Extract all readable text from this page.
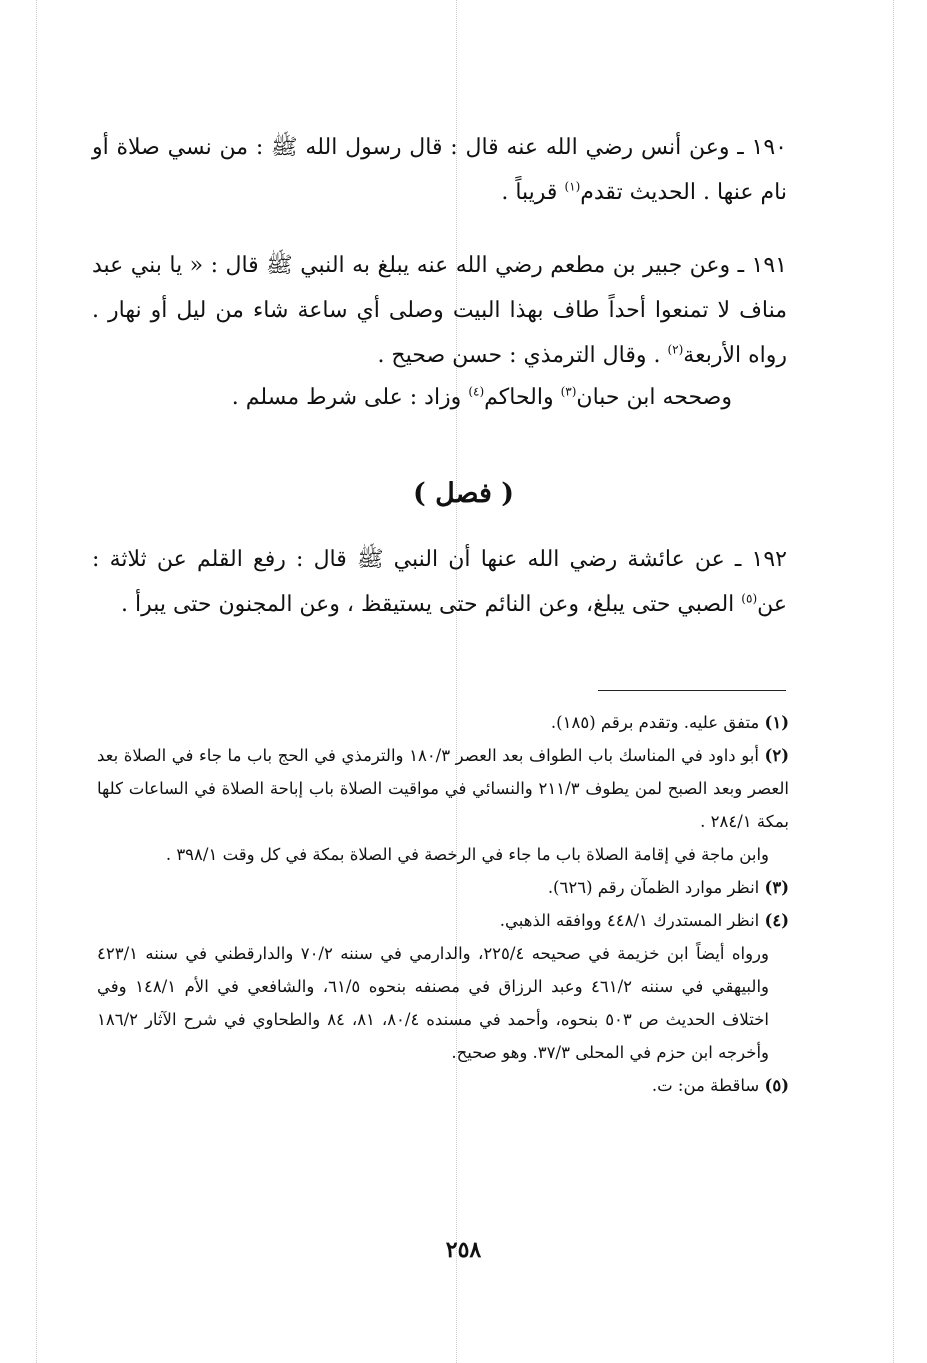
١٩٠ ـ وعن أنس رضي الله عنه قال : قال رسول الله ﷺ : من نسي صلاة أو نام عنها . الحديث تقدم$^{(١)}$ قريباً .

١٩١ ـ وعن جبير بن مطعم رضي الله عنه يبلغ به النبي ﷺ قال : « يا بني عبد مناف لا تمنعوا أحداً طاف بهذا البيت وصلى أي ساعة شاء من ليل أو نهار . رواه الأربعة$^{(٢)}$ . وقال الترمذي : حسن صحيح .

وصححه ابن حبان$^{(٣)}$ والحاكم$^{(٤)}$ وزاد : على شرط مسلم .

( فصل )

١٩٢ ـ عن عائشة رضي الله عنها أن النبي ﷺ قال : رفع القلم عن ثلاثة : عن$^{(٥)}$ الصبي حتى يبلغ، وعن النائم حتى يستيقظ ، وعن المجنون حتى يبرأ .

(١) متفق عليه. وتقدم برقم (١٨٥).

(٢) أبو داود في المناسك باب الطواف بعد العصر ١٨٠/٣ والترمذي في الحج باب ما جاء في الصلاة بعد العصر وبعد الصبح لمن يطوف ٢١١/٣ والنسائي في مواقيت الصلاة باب إباحة الصلاة في الساعات كلها بمكة ٢٨٤/١ .

وابن ماجة في إقامة الصلاة باب ما جاء في الرخصة في الصلاة بمكة في كل وقت ٣٩٨/١ .

(٣) انظر موارد الظمآن رقم (٦٢٦).

(٤) انظر المستدرك ٤٤٨/١ ووافقه الذهبي.

ورواه أيضاً ابن خزيمة في صحيحه ٢٢٥/٤، والدارمي في سننه ٧٠/٢ والدارقطني في سننه ٤٢٣/١ والبيهقي في سننه ٤٦١/٢ وعبد الرزاق في مصنفه بنحوه ٦١/٥، والشافعي في الأم ١٤٨/١ وفي اختلاف الحديث ص ٥٠٣ بنحوه، وأحمد في مسنده ٨٠/٤، ٨١، ٨٤ والطحاوي في شرح الآثار ١٨٦/٢ وأخرجه ابن حزم في المحلى ٣٧/٣. وهو صحيح.

(٥) ساقطة من: ت.

٢٥٨
